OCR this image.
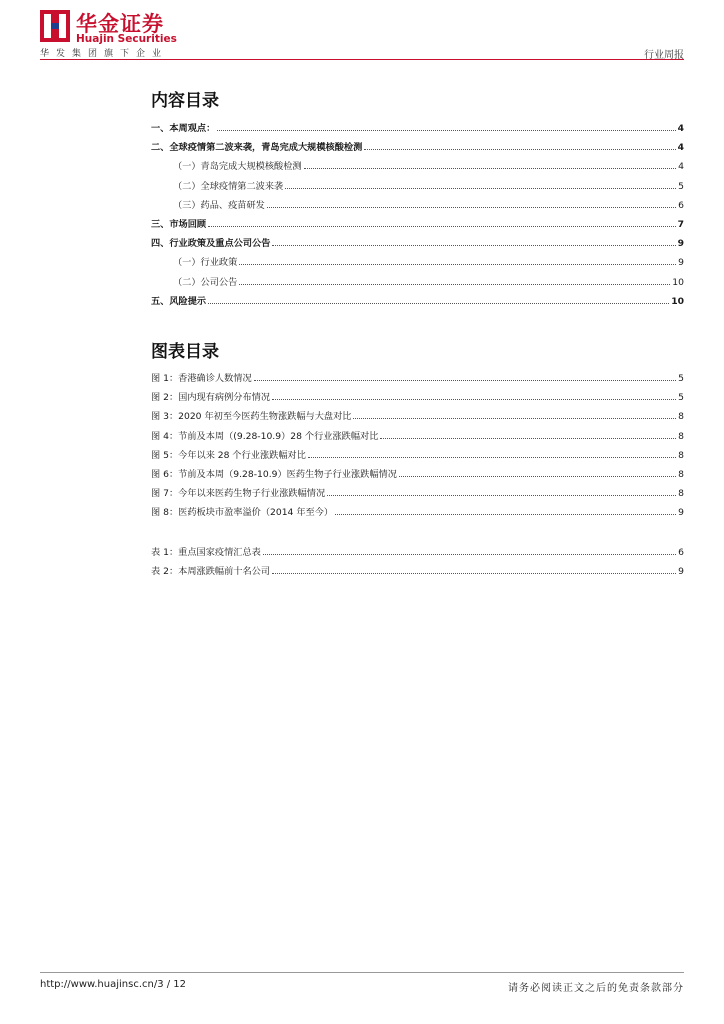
华金证券
Huajin Securities
华发集团旗下企业	行业周报
内容目录
一、本周观点：	4
二、全球疫情第二波来袭，青岛完成大规模核酸检测	4
（一）青岛完成大规模核酸检测	4
（二）全球疫情第二波来袭	5
（三）药品、疫苗研发	6
三、市场回顾	7
四、行业政策及重点公司公告	9
（一）行业政策	9
（二）公司公告	10
五、风险提示	10
图表目录
图 1：香港确诊人数情况	5
图 2：国内现有病例分布情况	5
图 3：2020 年初至今医药生物涨跌幅与大盘对比	8
图 4：节前及本周（(9.28-10.9）28 个行业涨跌幅对比	8
图 5：今年以来 28 个行业涨跌幅对比	8
图 6：节前及本周（9.28-10.9）医药生物子行业涨跌幅情况	8
图 7：今年以来医药生物子行业涨跌幅情况	8
图 8：医药板块市盈率溢价（2014 年至今）	9
表 1：重点国家疫情汇总表	6
表 2：本周涨跌幅前十名公司	9
http://www.huajinsc.cn/3 / 12	请务必阅读正文之后的免责条款部分
